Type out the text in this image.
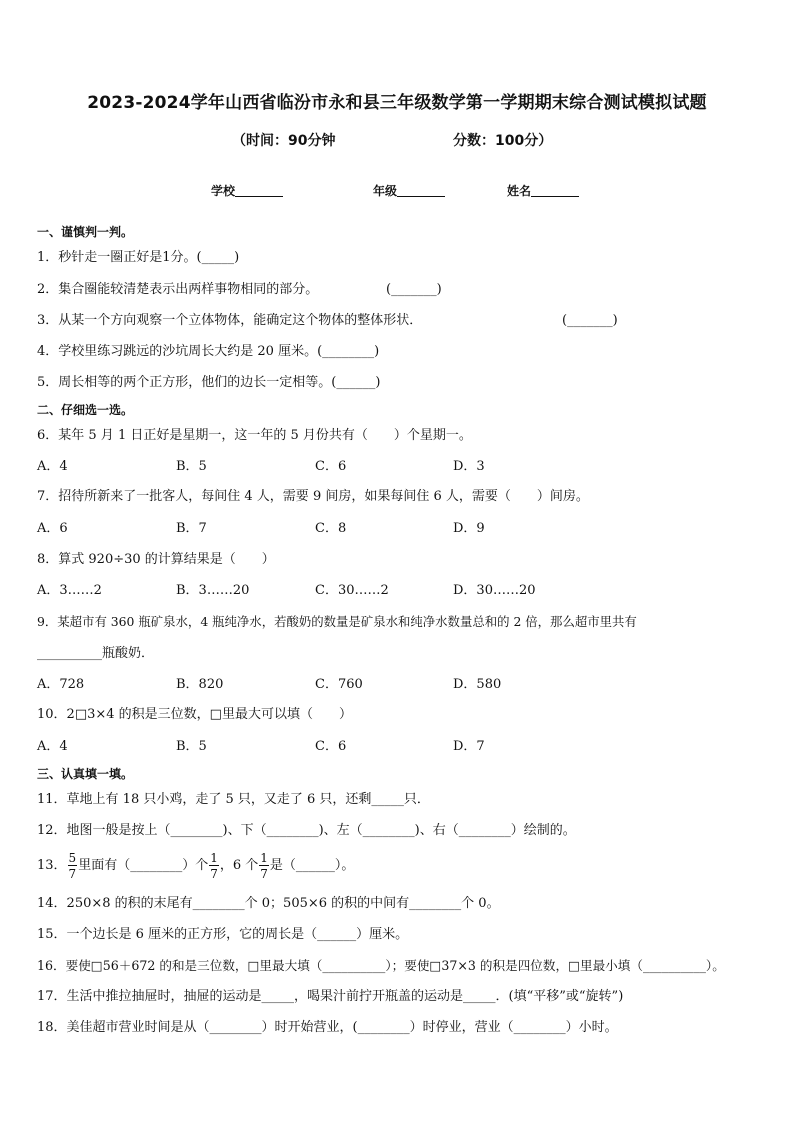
2023-2024学年山西省临汾市永和县三年级数学第一学期期末综合测试模拟试题
（时间：90分钟	分数：100分）
学校	年级	姓名
一、谨慎判一判。
1．秒针走一圈正好是1分。(_____)
2．集合圈能较清楚表示出两样事物相同的部分。	(_______)
3．从某一个方向观察一个立体物体，能确定这个物体的整体形状．	(_______)
4．学校里练习跳远的沙坑周长大约是 20 厘米。(________)
5．周长相等的两个正方形，他们的边长一定相等。(______)
二、仔细选一选。
6．某年 5 月 1 日正好是星期一，这一年的 5 月份共有（　　）个星期一。
A．4	B．5	C．6	D．3
7．招待所新来了一批客人，每间住 4 人，需要 9 间房，如果每间住 6 人，需要（　　）间房。
A．6	B．7	C．8	D．9
8．算式 920÷30 的计算结果是（　　）
A．3……2	B．3……20	C．30……2	D．30……20
9．某超市有 360 瓶矿泉水，4 瓶纯净水，若酸奶的数量是矿泉水和纯净水数量总和的 2 倍，那么超市里共有
__________瓶酸奶．
A．728	B．820	C．760	D．580
10．2□3×4 的积是三位数，□里最大可以填（　　）
A．4	B．5	C．6	D．7
三、认真填一填。
11．草地上有 18 只小鸡，走了 5 只，又走了 6 只，还剩_____只．
12．地图一般是按上（________)、下（________)、左（________)、右（________）绘制的。
13． $\frac{5}{7}$ 里面有（________）个 $\frac{1}{7}$ ，6 个 $\frac{1}{7}$ 是（______）。
14．250×8 的积的末尾有________个 0；505×6 的积的中间有________个 0。
15．一个边长是 6 厘米的正方形，它的周长是（______）厘米。
16．要使□56＋672 的和是三位数，□里最大填（__________）；要使□37×3 的积是四位数，□里最小填（__________）。
17．生活中推拉抽屉时，抽屉的运动是_____，喝果汁前拧开瓶盖的运动是_____．(填“平移”或“旋转”)
18．美佳超市营业时间是从（________）时开始营业，(________）时停业，营业（________）小时。
